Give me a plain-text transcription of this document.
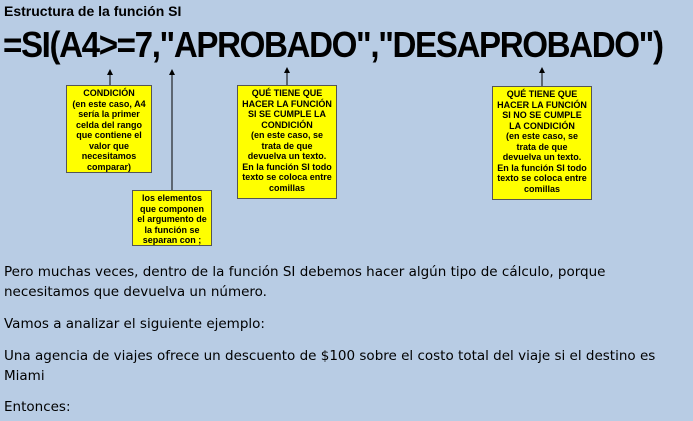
Estructura de la función SI
=SI(A4>=7,"APROBADO","DESAPROBADO")
CONDICIÓN
(en este caso, A4 sería la primer celda del rango que contiene el valor que necesitamos comparar)
los elementos que componen el argumento de la función se separan con ;
QUÉ TIENE QUE HACER LA FUNCIÓN SI SE CUMPLE LA CONDICIÓN
(en este caso, se trata de que devuelva un texto. En la función SI todo texto se coloca entre comillas
QUÉ TIENE QUE HACER LA FUNCIÓN SI NO SE CUMPLE LA CONDICIÓN
(en este caso, se trata de que devuelva un texto. En la función SI todo texto se coloca entre comillas
Pero muchas veces, dentro de la función SI debemos hacer algún tipo de cálculo, porque necesitamos que devuelva un número.
Vamos a analizar el siguiente ejemplo:
Una agencia de viajes ofrece un descuento de $100 sobre el costo total del viaje si el destino es Miami
Entonces:
